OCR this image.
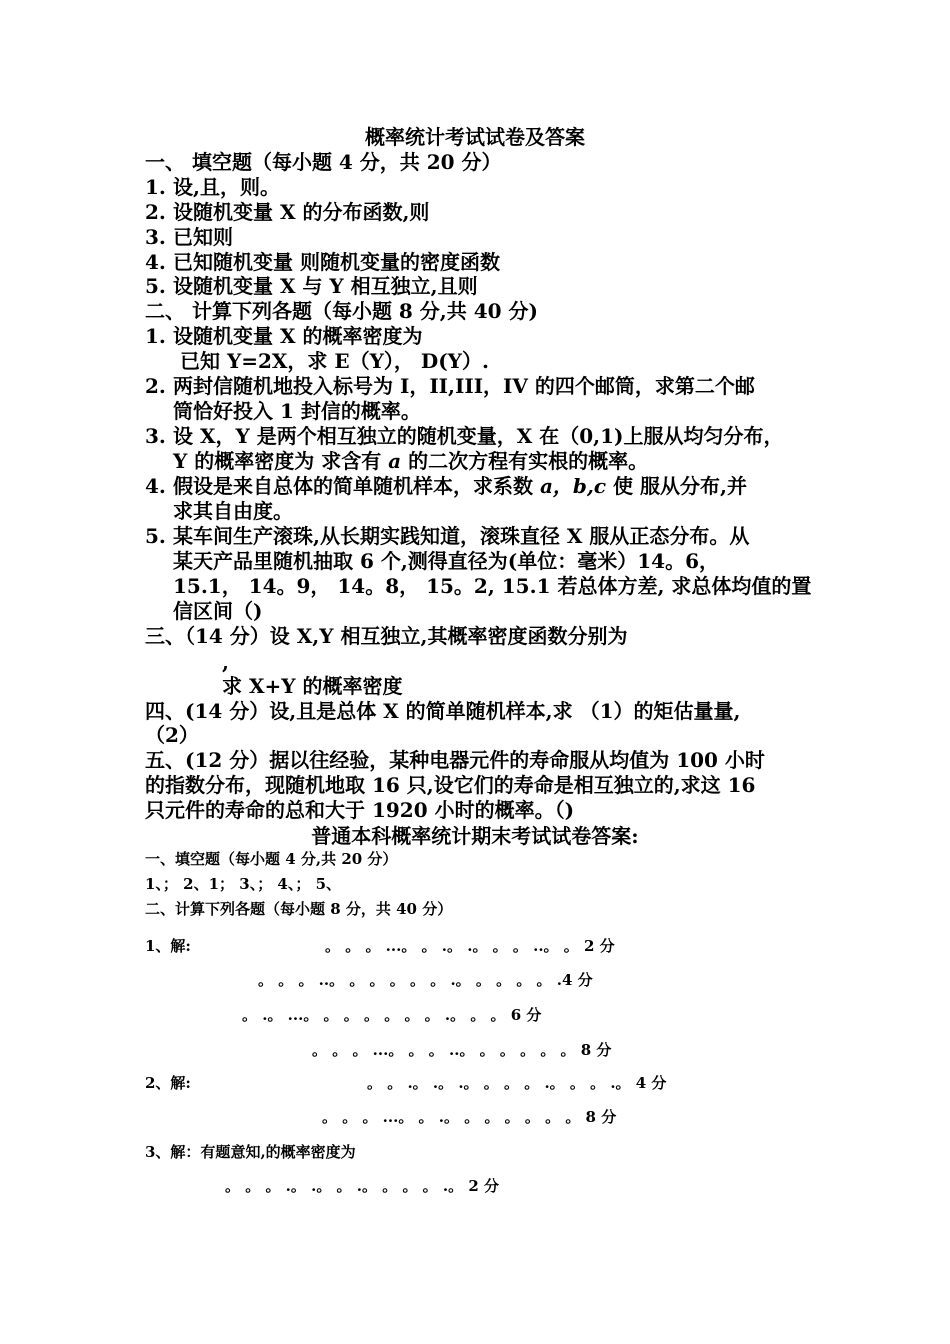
概率统计考试试卷及答案
一、 填空题（每小题 4 分，共 20 分）
1. 设,且，则。
2. 设随机变量 X 的分布函数,则
3. 已知则
4. 已知随机变量 则随机变量的密度函数
5. 设随机变量 X 与 Y 相互独立,且则
二、 计算下列各题（每小题 8 分,共 40 分)
1. 设随机变量 X 的概率密度为
已知 Y=2X，求 E（Y）， D(Y）.
2. 两封信随机地投入标号为 I，II,III，IV 的四个邮筒，求第二个邮
筒恰好投入 1 封信的概率。
3. 设 X，Y 是两个相互独立的随机变量，X 在（0,1)上服从均匀分布，
Y 的概率密度为 求含有 a 的二次方程有实根的概率。
4. 假设是来自总体的简单随机样本，求系数 a，b,c 使 服从分布,并
求其自由度。
5. 某车间生产滚珠,从长期实践知道，滚珠直径 X 服从正态分布。从
某天产品里随机抽取 6 个,测得直径为(单位：毫米）14。6，
15.1， 14。9， 14。8， 15。2, 15.1 若总体方差, 求总体均值的置
信区间（)
三、（14 分）设 X,Y 相互独立,其概率密度函数分别为
,
求 X+Y 的概率密度
四、(14 分）设,且是总体 X 的简单随机样本,求 （1）的矩估量量,
（2）
五、(12 分）据以往经验，某种电器元件的寿命服从均值为 100 小时
的指数分布，现随机地取 16 只,设它们的寿命是相互独立的,求这 16
只元件的寿命的总和大于 1920 小时的概率。（)
普通本科概率统计期末考试试卷答案:
一、填空题（每小题 4 分,共 20 分）
1、； 2、1； 3、； 4、； 5、
二、计算下列各题（每小题 8 分，共 40 分）
1、解:	。 。 。 ...。 。 .。 .。 。 。 ..。 。 2 分
。 。 。 ..。 。 。 。 。 。 .。 。 。 。 。 .4 分
。 .。 ...。 。 。 。 。 。 。 .。 。 。 6 分
。 。 。 ...。 。 。 ..。 。 。 。 。 。 8 分
2、解:	。 。 .。 .。 .。 。 。 。 .。 。 。 .。 4 分
。 。 。 ...。 。 .。 。 。 。 。 。 。 8 分
3、解：有题意知,的概率密度为
。 。 。 .。 .。 。 .。 。 。 。 .。 2 分
